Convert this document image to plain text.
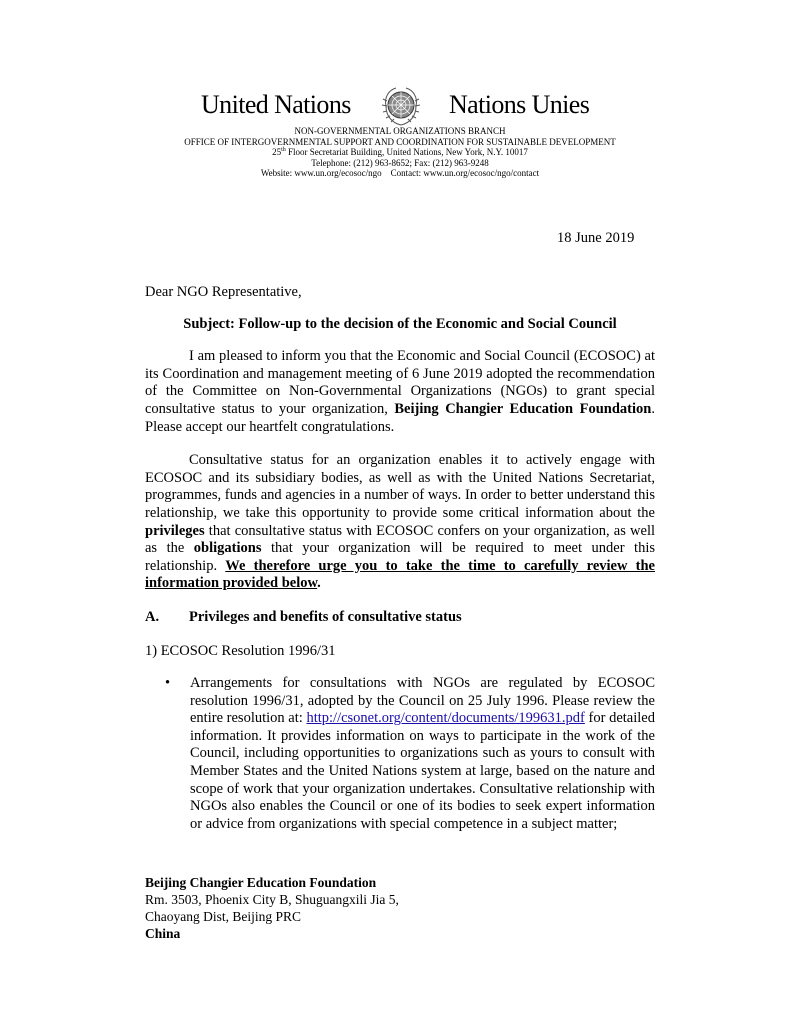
United Nations	Nations Unies
NON-GOVERNMENTAL ORGANIZATIONS BRANCH
OFFICE OF INTERGOVERNMENTAL SUPPORT AND COORDINATION FOR SUSTAINABLE DEVELOPMENT
25th Floor Secretariat Building, United Nations, New York, N.Y. 10017
Telephone: (212) 963-8652; Fax: (212) 963-9248
Website: www.un.org/ecosoc/ngo Contact: www.un.org/ecosoc/ngo/contact
18 June 2019

Dear NGO Representative,

Subject: Follow-up to the decision of the Economic and Social Council

I am pleased to inform you that the Economic and Social Council (ECOSOC) at its Coordination and management meeting of 6 June 2019 adopted the recommendation of the Committee on Non-Governmental Organizations (NGOs) to grant special consultative status to your organization, Beijing Changier Education Foundation. Please accept our heartfelt congratulations.

Consultative status for an organization enables it to actively engage with ECOSOC and its subsidiary bodies, as well as with the United Nations Secretariat, programmes, funds and agencies in a number of ways. In order to better understand this relationship, we take this opportunity to provide some critical information about the privileges that consultative status with ECOSOC confers on your organization, as well as the obligations that your organization will be required to meet under this relationship. We therefore urge you to take the time to carefully review the information provided below.

A. Privileges and benefits of consultative status

1) ECOSOC Resolution 1996/31

• Arrangements for consultations with NGOs are regulated by ECOSOC resolution 1996/31, adopted by the Council on 25 July 1996. Please review the entire resolution at: http://csonet.org/content/documents/199631.pdf for detailed information. It provides information on ways to participate in the work of the Council, including opportunities to organizations such as yours to consult with Member States and the United Nations system at large, based on the nature and scope of work that your organization undertakes. Consultative relationship with NGOs also enables the Council or one of its bodies to seek expert information or advice from organizations with special competence in a subject matter;

Beijing Changier Education Foundation
Rm. 3503, Phoenix City B, Shuguangxili Jia 5,
Chaoyang Dist, Beijing PRC
China
